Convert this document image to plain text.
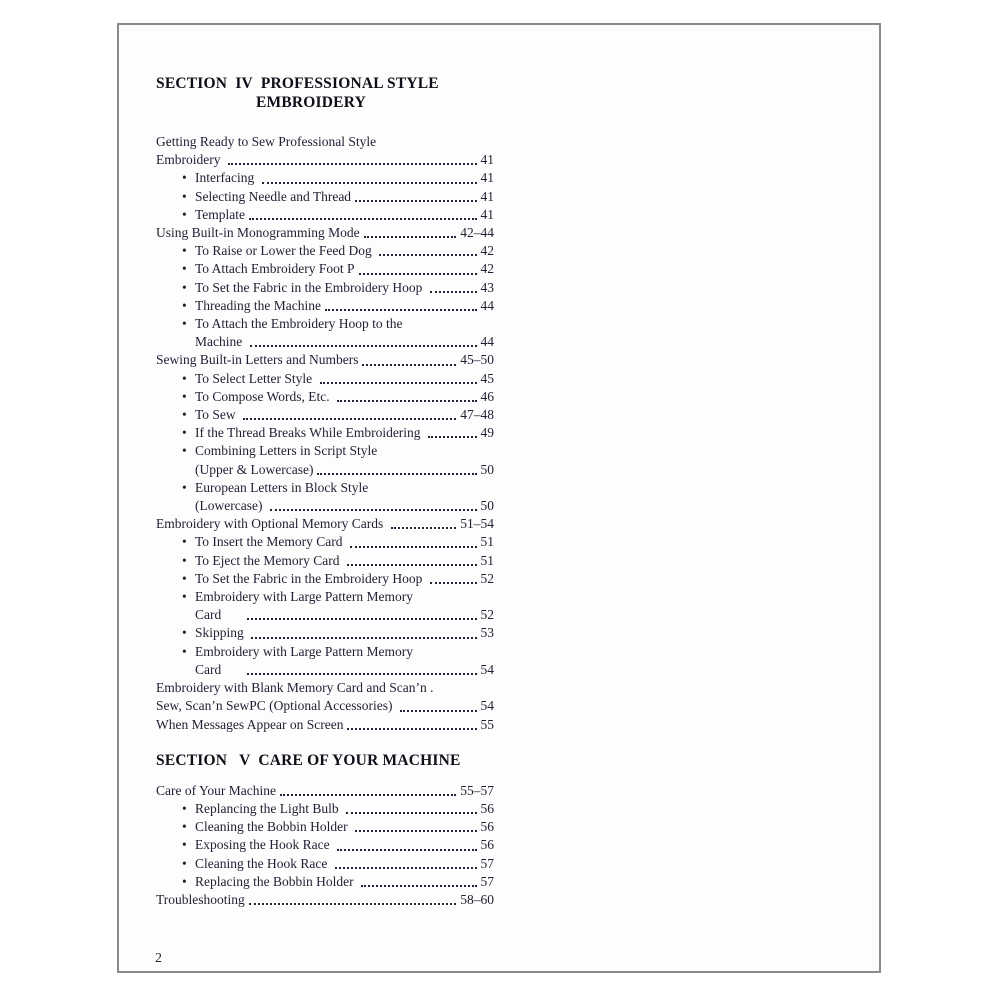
SECTION  IV  PROFESSIONAL STYLE
EMBROIDERY
Getting Ready to Sew Professional Style
Embroidery	41
• Interfacing	41
• Selecting Needle and Thread	41
• Template	41
Using Built-in Monogramming Mode	42–44
• To Raise or Lower the Feed Dog	42
• To Attach Embroidery Foot P	42
• To Set the Fabric in the Embroidery Hoop	43
• Threading the Machine	44
• To Attach the Embroidery Hoop to the
Machine	44
Sewing Built-in Letters and Numbers	45–50
• To Select Letter Style	45
• To Compose Words, Etc.	46
• To Sew	47–48
• If the Thread Breaks While Embroidering	49
• Combining Letters in Script Style
(Upper & Lowercase)	50
• European Letters in Block Style
(Lowercase)	50
Embroidery with Optional Memory Cards	51–54
• To Insert the Memory Card	51
• To Eject the Memory Card	51
• To Set the Fabric in the Embroidery Hoop	52
• Embroidery with Large Pattern Memory
Card	52
• Skipping	53
• Embroidery with Large Pattern Memory
Card	54
Embroidery with Blank Memory Card and Scan’n .
Sew, Scan’n SewPC (Optional Accessories)	54
When Messages Appear on Screen	55
SECTION   V  CARE OF YOUR MACHINE
Care of Your Machine	55–57
• Replancing the Light Bulb	56
• Cleaning the Bobbin Holder	56
• Exposing the Hook Race	56
• Cleaning the Hook Race	57
• Replacing the Bobbin Holder	57
Troubleshooting	58–60
2
